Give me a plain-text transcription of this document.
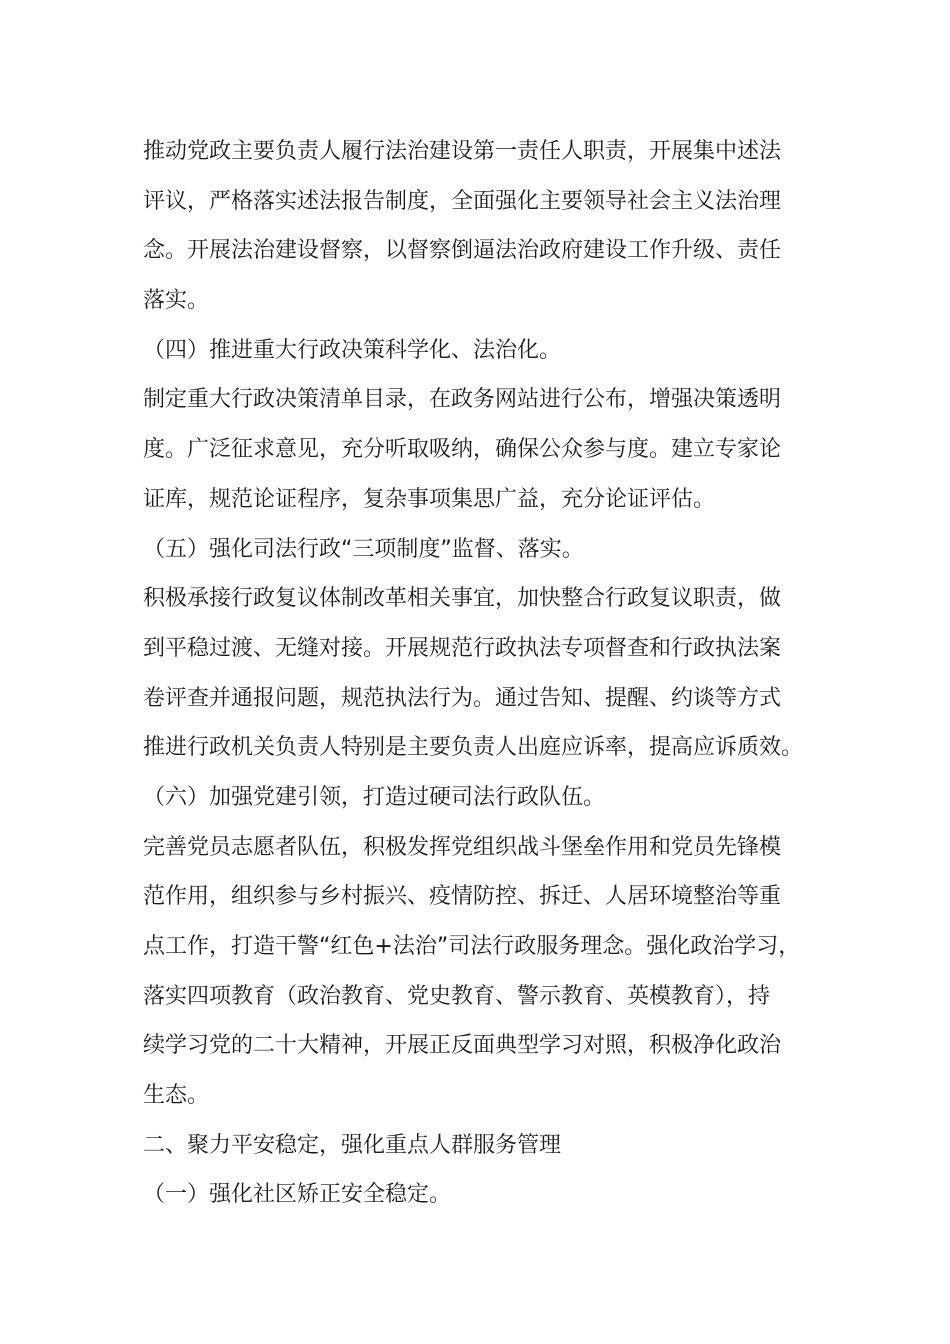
推动党政主要负责人履行法治建设第一责任人职责，开展集中述法
评议，严格落实述法报告制度，全面强化主要领导社会主义法治理
念。开展法治建设督察，以督察倒逼法治政府建设工作升级、责任
落实。
（四）推进重大行政决策科学化、法治化。
制定重大行政决策清单目录，在政务网站进行公布，增强决策透明
度。广泛征求意见，充分听取吸纳，确保公众参与度。建立专家论
证库，规范论证程序，复杂事项集思广益，充分论证评估。
（五）强化司法行政“三项制度”监督、落实。
积极承接行政复议体制改革相关事宜，加快整合行政复议职责，做
到平稳过渡、无缝对接。开展规范行政执法专项督查和行政执法案
卷评查并通报问题，规范执法行为。通过告知、提醒、约谈等方式
推进行政机关负责人特别是主要负责人出庭应诉率，提高应诉质效。
（六）加强党建引领，打造过硬司法行政队伍。
完善党员志愿者队伍，积极发挥党组织战斗堡垒作用和党员先锋模
范作用，组织参与乡村振兴、疫情防控、拆迁、人居环境整治等重
点工作，打造干警“红色+法治”司法行政服务理念。强化政治学习，
落实四项教育（政治教育、党史教育、警示教育、英模教育），持
续学习党的二十大精神，开展正反面典型学习对照，积极净化政治
生态。
二、聚力平安稳定，强化重点人群服务管理
（一）强化社区矫正安全稳定。
